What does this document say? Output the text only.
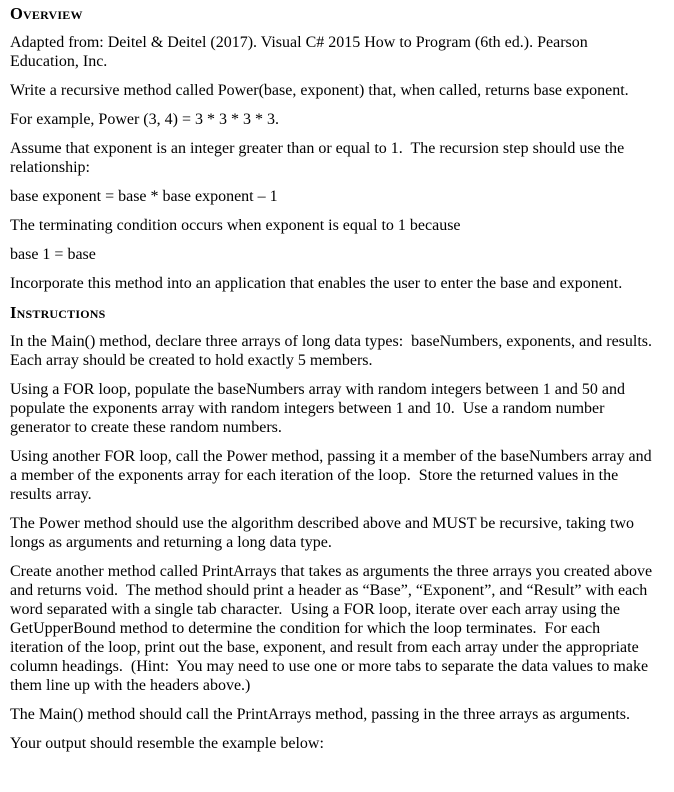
Overview

Adapted from: Deitel & Deitel (2017). Visual C# 2015 How to Program (6th ed.). Pearson Education, Inc.

Write a recursive method called Power(base, exponent) that, when called, returns base exponent.

For example, Power (3, 4) = 3 * 3 * 3 * 3.

Assume that exponent is an integer greater than or equal to 1.  The recursion step should use the relationship:

base exponent = base * base exponent – 1

The terminating condition occurs when exponent is equal to 1 because

base 1 = base

Incorporate this method into an application that enables the user to enter the base and exponent.

Instructions

In the Main() method, declare three arrays of long data types:  baseNumbers, exponents, and results.  Each array should be created to hold exactly 5 members.

Using a FOR loop, populate the baseNumbers array with random integers between 1 and 50 and populate the exponents array with random integers between 1 and 10.  Use a random number generator to create these random numbers.

Using another FOR loop, call the Power method, passing it a member of the baseNumbers array and a member of the exponents array for each iteration of the loop.  Store the returned values in the results array.

The Power method should use the algorithm described above and MUST be recursive, taking two longs as arguments and returning a long data type.

Create another method called PrintArrays that takes as arguments the three arrays you created above and returns void.  The method should print a header as “Base”, “Exponent”, and “Result” with each word separated with a single tab character.  Using a FOR loop, iterate over each array using the GetUpperBound method to determine the condition for which the loop terminates.  For each iteration of the loop, print out the base, exponent, and result from each array under the appropriate column headings.  (Hint:  You may need to use one or more tabs to separate the data values to make them line up with the headers above.)

The Main() method should call the PrintArrays method, passing in the three arrays as arguments.

Your output should resemble the example below:
